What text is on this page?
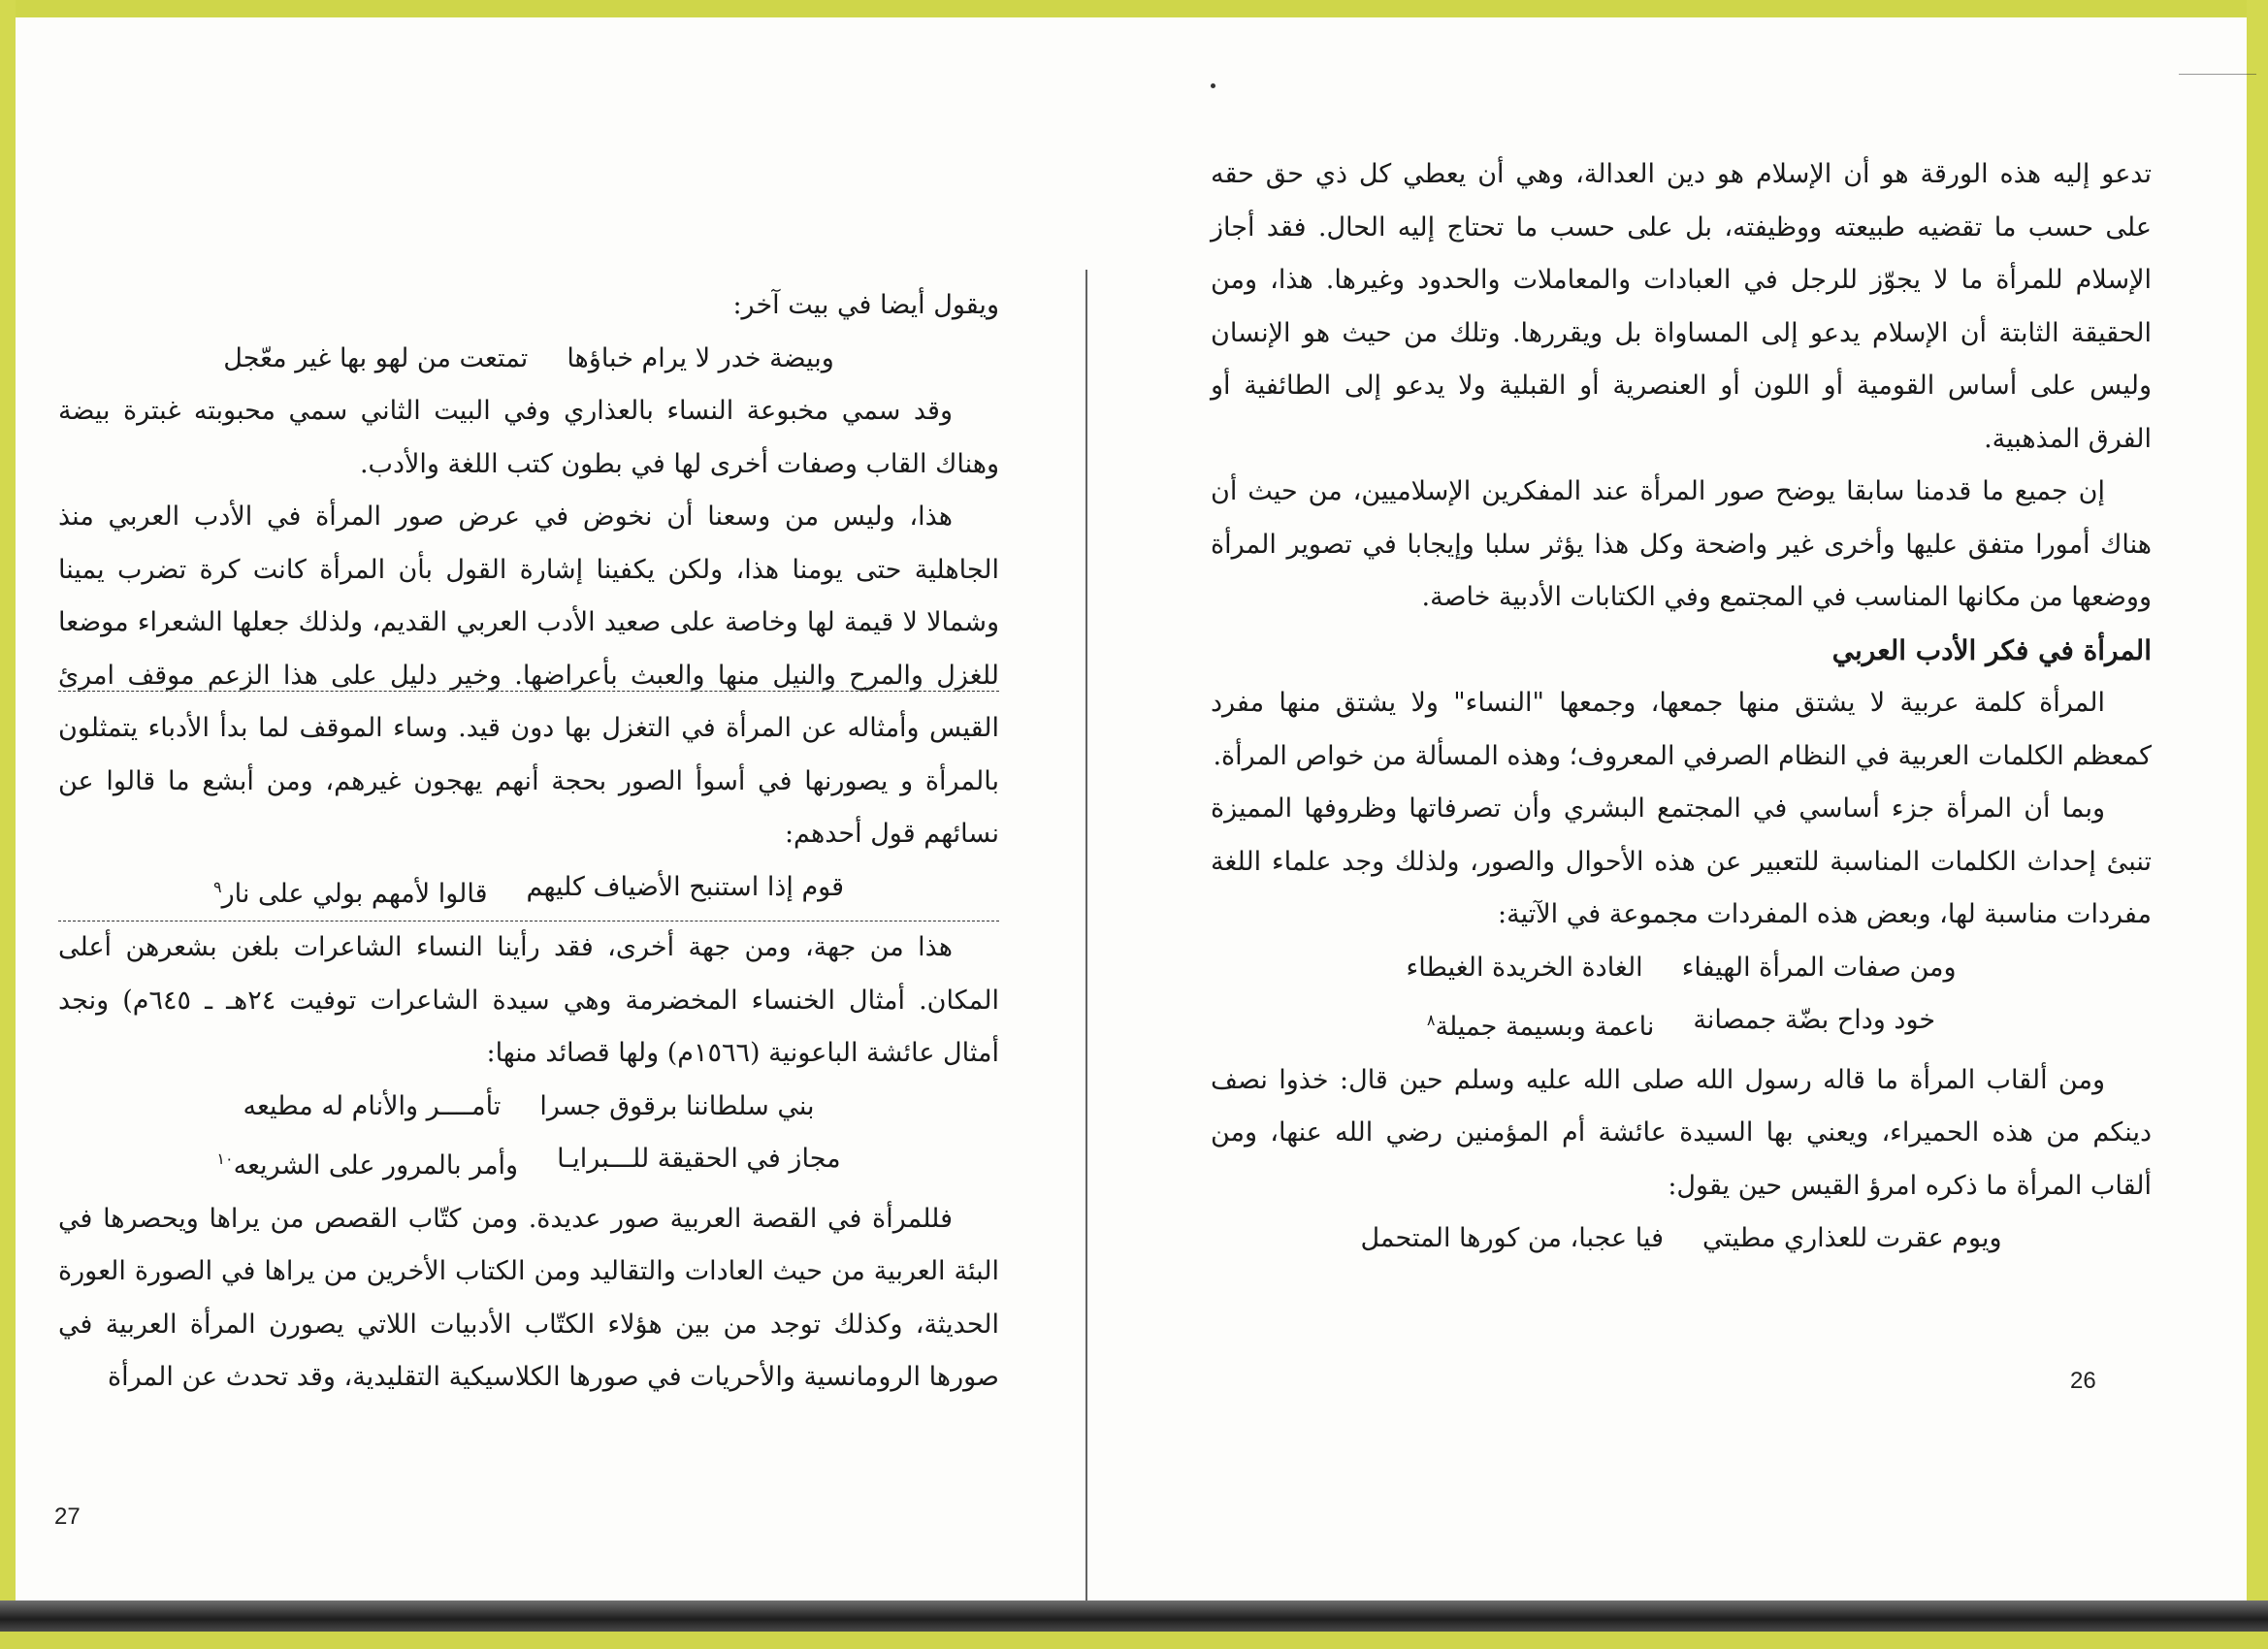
تدعو إليه هذه الورقة هو أن الإسلام هو دين العدالة، وهي أن يعطي كل ذي حق حقه على حسب ما تقضيه طبيعته ووظيفته، بل على حسب ما تحتاج إليه الحال. فقد أجاز الإسلام للمرأة ما لا يجوّز للرجل في العبادات والمعاملات والحدود وغيرها. هذا، ومن الحقيقة الثابتة أن الإسلام يدعو إلى المساواة بل ويقررها. وتلك من حيث هو الإنسان وليس على أساس القومية أو اللون أو العنصرية أو القبلية ولا يدعو إلى الطائفية أو الفرق المذهبية.

إن جميع ما قدمنا سابقا يوضح صور المرأة عند المفكرين الإسلاميين، من حيث أن هناك أمورا متفق عليها وأخرى غير واضحة وكل هذا يؤثر سلبا وإيجابا في تصوير المرأة ووضعها من مكانها المناسب في المجتمع وفي الكتابات الأدبية خاصة.

المرأة في فكر الأدب العربي

المرأة كلمة عربية لا يشتق منها جمعها، وجمعها "النساء" ولا يشتق منها مفرد كمعظم الكلمات العربية في النظام الصرفي المعروف؛ وهذه المسألة من خواص المرأة.

وبما أن المرأة جزء أساسي في المجتمع البشري وأن تصرفاتها وظروفها المميزة تنبئ إحداث الكلمات المناسبة للتعبير عن هذه الأحوال والصور، ولذلك وجد علماء اللغة مفردات مناسبة لها، وبعض هذه المفردات مجموعة في الآتية:

ومن صفات المرأة الهيفاء
الغادة الخريدة الغيطاء
خود وداح بضّة جمصانة
ناعمة وبسيمة جميلة$^٨$

ومن ألقاب المرأة ما قاله رسول الله صلى الله عليه وسلم حين قال: خذوا نصف دينكم من هذه الحميراء، ويعني بها السيدة عائشة أم المؤمنين رضي الله عنها، ومن ألقاب المرأة ما ذكره امرؤ القيس حين يقول:

ويوم عقرت للعذاري مطيتي
فيا عجبا، من كورها المتحمل
26

ويقول أيضا في بيت آخر:

وبيضة خدر لا يرام خباؤها
تمتعت من لهو بها غير معّجل

وقد سمي مخبوعة النساء بالعذاري وفي البيت الثاني سمي محبوبته غبترة بيضة وهناك القاب وصفات أخرى لها في بطون كتب اللغة والأدب.

هذا، وليس من وسعنا أن نخوض في عرض صور المرأة في الأدب العربي منذ الجاهلية حتى يومنا هذا، ولكن يكفينا إشارة القول بأن المرأة كانت كرة تضرب يمينا وشمالا لا قيمة لها وخاصة على صعيد الأدب العربي القديم، ولذلك جعلها الشعراء موضعا للغزل والمرح والنيل منها والعبث بأعراضها. وخير دليل على هذا الزعم موقف امرئ القيس وأمثاله عن المرأة في التغزل بها دون قيد. وساء الموقف لما بدأ الأدباء يتمثلون بالمرأة و يصورنها في أسوأ الصور بحجة أنهم يهجون غيرهم، ومن أبشع ما قالوا عن نسائهم قول أحدهم:

قوم إذا استنبح الأضياف كليهم
قالوا لأمهم بولي على نار$^٩$

هذا من جهة، ومن جهة أخرى، فقد رأينا النساء الشاعرات بلغن بشعرهن أعلى المكان. أمثال الخنساء المخضرمة وهي سيدة الشاعرات توفيت ٢٤هـ ـ ٦٤٥م) ونجد أمثال عائشة الباعونية (١٥٦٦م) ولها قصائد منها:

بني سلطاننا برقوق جسرا
تأمــــر والأنام له مطيعه
مجاز في الحقيقة للـــبرايـا
وأمر بالمرور على الشريعه$^{١٠}$

فللمرأة في القصة العربية صور عديدة. ومن كتّاب القصص من يراها ويحصرها في البئة العربية من حيث العادات والتقاليد ومن الكتاب الأخرين من يراها في الصورة العورة الحديثة، وكذلك توجد من بين هؤلاء الكتّاب الأدبيات اللاتي يصورن المرأة العربية في صورها الرومانسية والأحريات في صورها الكلاسيكية التقليدية، وقد تحدث عن المرأة

27
